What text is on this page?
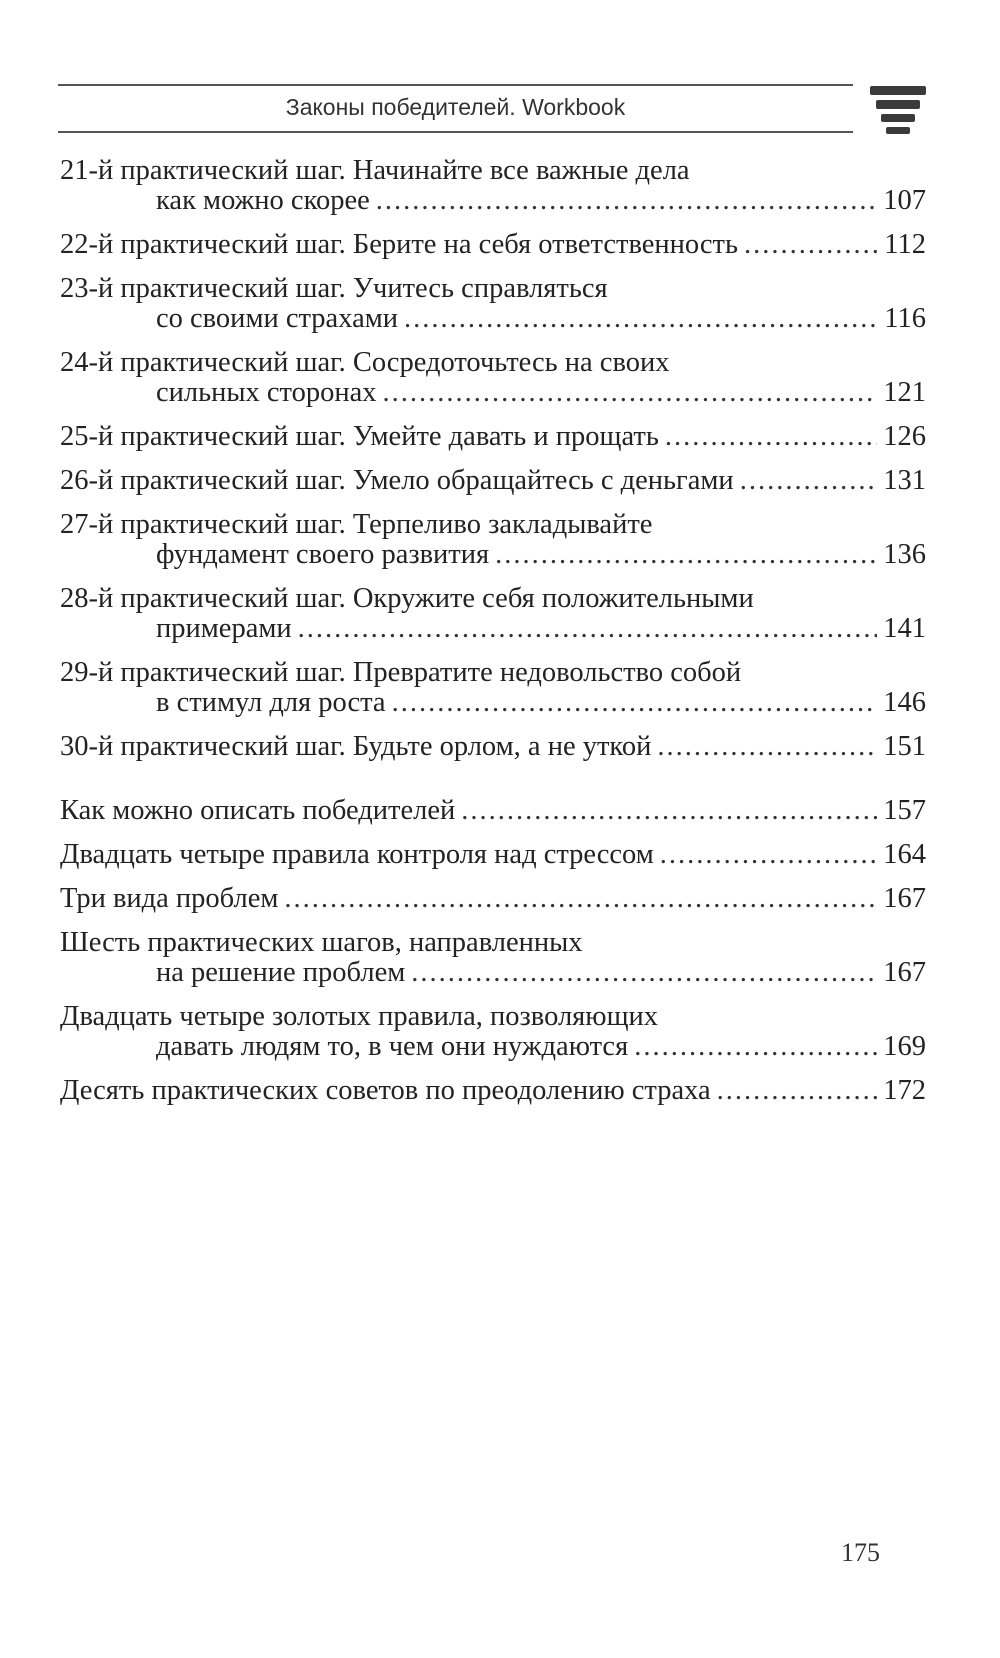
Законы победителей. Workbook
21-й практический шаг. Начинайте все важные дела
как можно скорее .....	107
22-й практический шаг. Берите на себя ответственность .....	112
23-й практический шаг. Учитесь справляться
со своими страхами .....	116
24-й практический шаг. Сосредоточьтесь на своих
сильных сторонах .....	121
25-й практический шаг. Умейте давать и прощать .....	126
26-й практический шаг. Умело обращайтесь с деньгами .....	131
27-й практический шаг. Терпеливо закладывайте
фундамент своего развития .....	136
28-й практический шаг. Окружите себя положительными
примерами .....	141
29-й практический шаг. Превратите недовольство собой
в стимул для роста .....	146
30-й практический шаг. Будьте орлом, а не уткой .....	151
Как можно описать победителей .....	157
Двадцать четыре правила контроля над стрессом .....	164
Три вида проблем .....	167
Шесть практических шагов, направленных
на решение проблем .....	167
Двадцать четыре золотых правила, позволяющих
давать людям то, в чем они нуждаются .....	169
Десять практических советов по преодолению страха .....	172
175
